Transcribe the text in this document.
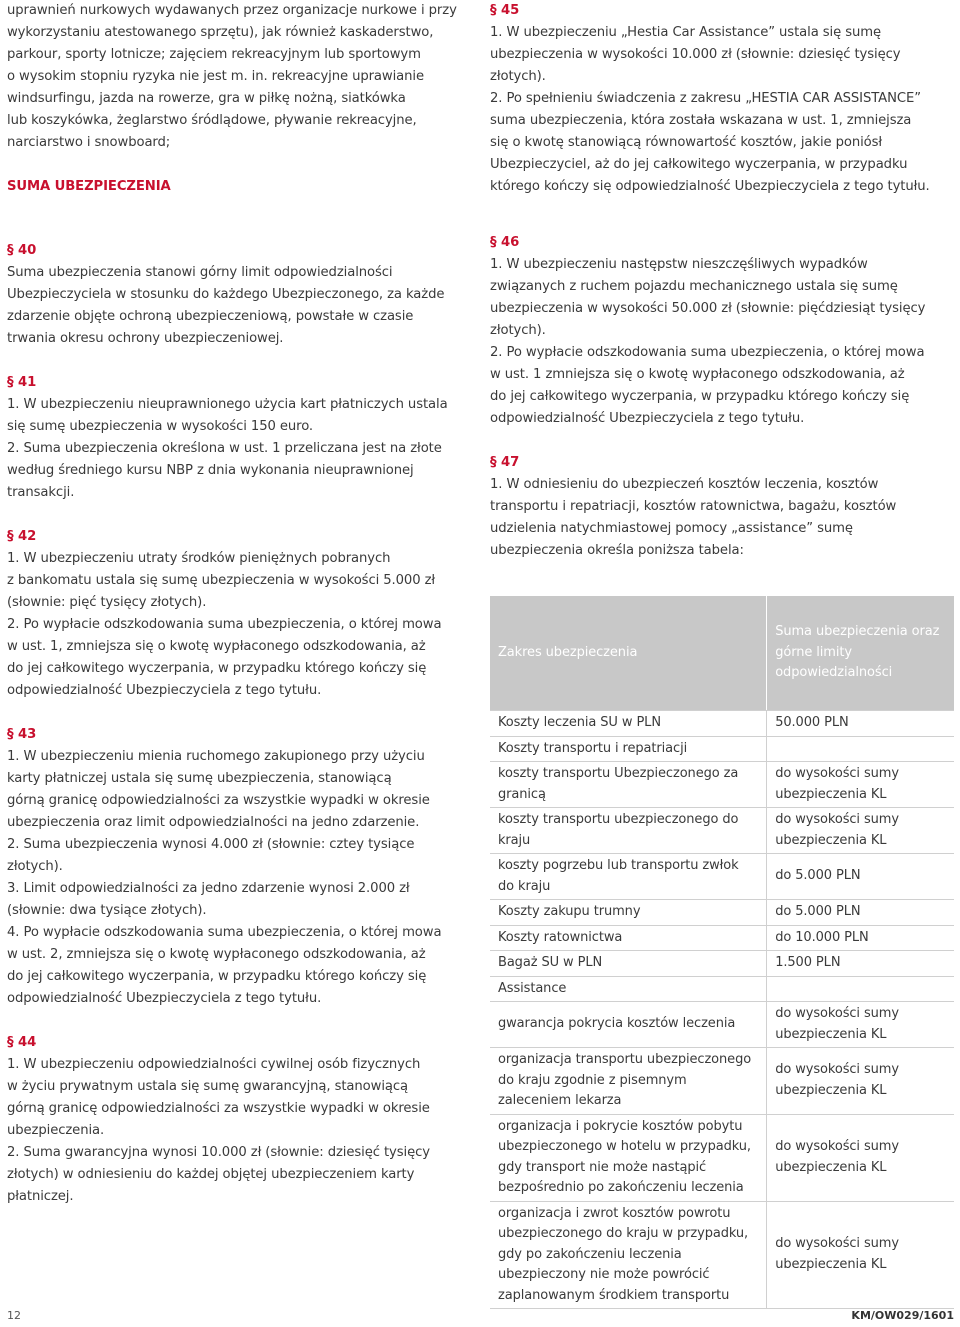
uprawnień nurkowych wydawanych przez organizacje nurkowe i przy

wykorzystaniu atestowanego sprzętu), jak również kaskaderstwo,

parkour, sporty lotnicze; zajęciem rekreacyjnym lub sportowym

o wysokim stopniu ryzyka nie jest m. in. rekreacyjne uprawianie

windsurfingu, jazda na rowerze, gra w piłkę nożną, siatkówka

lub koszykówka, żeglarstwo śródlądowe, pływanie rekreacyjne,

narciarstwo i snowboard;

SUMA UBEZPIECZENIA

§ 40

Suma ubezpieczenia stanowi górny limit odpowiedzialności

Ubezpieczyciela w stosunku do każdego Ubezpieczonego, za każde

zdarzenie objęte ochroną ubezpieczeniową, powstałe w czasie

trwania okresu ochrony ubezpieczeniowej.

§ 41

1. W ubezpieczeniu nieuprawnionego użycia kart płatniczych ustala

się sumę ubezpieczenia w wysokości 150 euro.

2. Suma ubezpieczenia określona w ust. 1 przeliczana jest na złote

według średniego kursu NBP z dnia wykonania nieuprawnionej

transakcji.

§ 42

1. W ubezpieczeniu utraty środków pieniężnych pobranych

z bankomatu ustala się sumę ubezpieczenia w wysokości 5.000 zł

(słownie: pięć tysięcy złotych).

2. Po wypłacie odszkodowania suma ubezpieczenia, o której mowa

w ust. 1, zmniejsza się o kwotę wypłaconego odszkodowania, aż

do jej całkowitego wyczerpania, w przypadku którego kończy się

odpowiedzialność Ubezpieczyciela z tego tytułu.

§ 43

1. W ubezpieczeniu mienia ruchomego zakupionego przy użyciu

karty płatniczej ustala się sumę ubezpieczenia, stanowiącą

górną granicę odpowiedzialności za wszystkie wypadki w okresie

ubezpieczenia oraz limit odpowiedzialności na jedno zdarzenie.

2. Suma ubezpieczenia wynosi 4.000 zł (słownie: cztey tysiące

złotych).

3. Limit odpowiedzialności za jedno zdarzenie wynosi 2.000 zł

(słownie: dwa tysiące złotych).

4. Po wypłacie odszkodowania suma ubezpieczenia, o której mowa

w ust. 2, zmniejsza się o kwotę wypłaconego odszkodowania, aż

do jej całkowitego wyczerpania, w przypadku którego kończy się

odpowiedzialność Ubezpieczyciela z tego tytułu.

§ 44

1. W ubezpieczeniu odpowiedzialności cywilnej osób fizycznych

w życiu prywatnym ustala się sumę gwarancyjną, stanowiącą

górną granicę odpowiedzialności za wszystkie wypadki w okresie

ubezpieczenia.

2. Suma gwarancyjna wynosi 10.000 zł (słownie: dziesięć tysięcy

złotych) w odniesieniu do każdej objętej ubezpieczeniem karty

płatniczej.

§ 45

1. W ubezpieczeniu „Hestia Car Assistance” ustala się sumę

ubezpieczenia w wysokości 10.000 zł (słownie: dziesięć tysięcy

złotych).

2. Po spełnieniu świadczenia z zakresu „HESTIA CAR ASSISTANCE”

suma ubezpieczenia, która została wskazana w ust. 1, zmniejsza

się o kwotę stanowiącą równowartość kosztów, jakie poniósł

Ubezpieczyciel, aż do jej całkowitego wyczerpania, w przypadku

którego kończy się odpowiedzialność Ubezpieczyciela z tego tytułu.

§ 46

1. W ubezpieczeniu następstw nieszczęśliwych wypadków

związanych z ruchem pojazdu mechanicznego ustala się sumę

ubezpieczenia w wysokości 50.000 zł (słownie: pięćdziesiąt tysięcy

złotych).

2. Po wypłacie odszkodowania suma ubezpieczenia, o której mowa

w ust. 1 zmniejsza się o kwotę wypłaconego odszkodowania, aż

do jej całkowitego wyczerpania, w przypadku którego kończy się

odpowiedzialność Ubezpieczyciela z tego tytułu.

§ 47

1. W odniesieniu do ubezpieczeń kosztów leczenia, kosztów

transportu i repatriacji, kosztów ratownictwa, bagażu, kosztów

udzielenia natychmiastowej pomocy „assistance” sumę

ubezpieczenia określa poniższa tabela:

Zakres ubezpieczenia	Suma ubezpieczenia oraz górne limity odpowiedzialności
Koszty leczenia SU w PLN	50.000 PLN
Koszty transportu i repatriacji	
koszty transportu Ubezpieczonego za granicą	do wysokości sumy ubezpieczenia KL
koszty transportu ubezpieczonego do kraju	do wysokości sumy ubezpieczenia KL
koszty pogrzebu lub transportu zwłok do kraju	do 5.000 PLN
Koszty zakupu trumny	do 5.000 PLN
Koszty ratownictwa	do 10.000 PLN
Bagaż SU w PLN	1.500 PLN
Assistance	
gwarancja pokrycia kosztów leczenia	do wysokości sumy ubezpieczenia KL
organizacja transportu ubezpieczonego do kraju zgodnie z pisemnym zaleceniem lekarza	do wysokości sumy ubezpieczenia KL
organizacja i pokrycie kosztów pobytu ubezpieczonego w hotelu w przypadku, gdy transport nie może nastąpić bezpośrednio po zakończeniu leczenia	do wysokości sumy ubezpieczenia KL
organizacja i zwrot kosztów powrotu ubezpieczonego do kraju w przypadku, gdy po zakończeniu leczenia ubezpieczony nie może powrócić zaplanowanym środkiem transportu	do wysokości sumy ubezpieczenia KL
12	KM/OW029/1601
